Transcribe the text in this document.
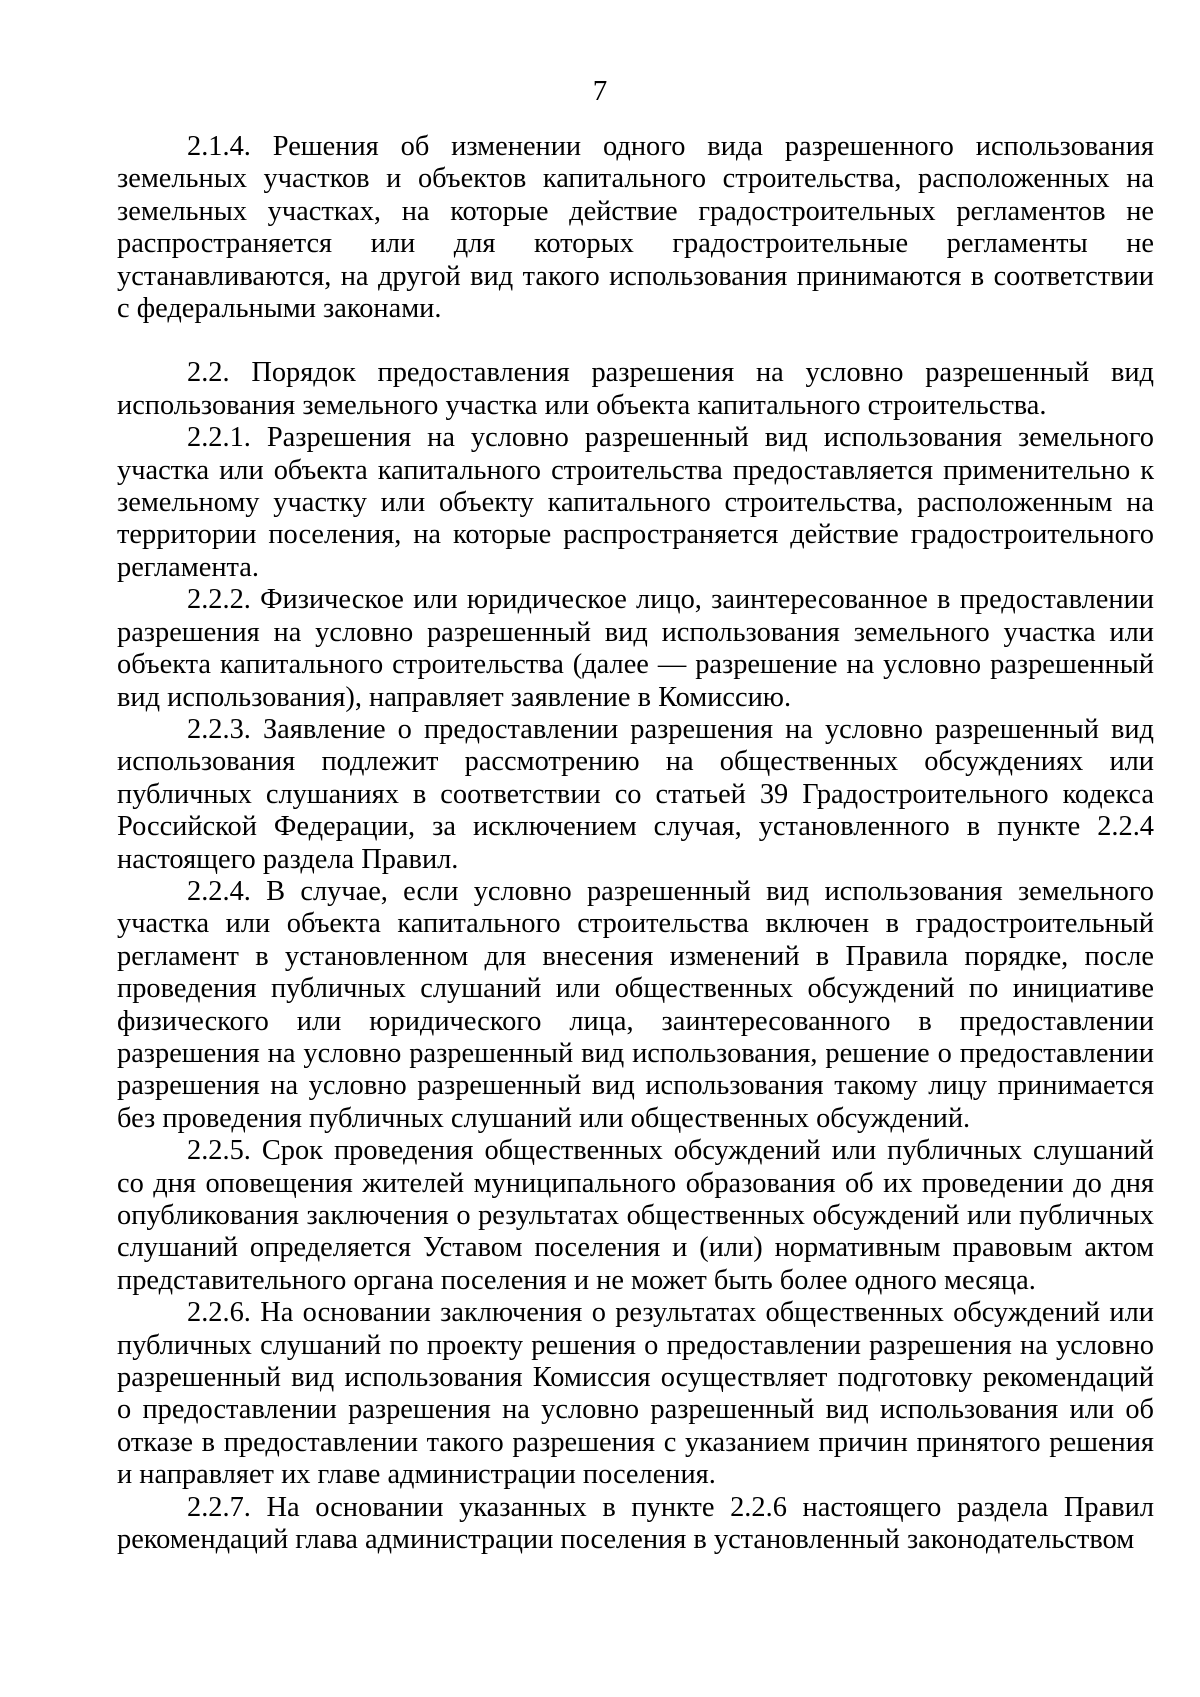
7

2.1.4. Решения об изменении одного вида разрешенного использования земельных участков и объектов капитального строительства, расположенных на земельных участках, на которые действие градостроительных регламентов не распространяется или для которых градостроительные регламенты не устанавливаются, на другой вид такого использования принимаются в соответствии с федеральными законами.

2.2. Порядок предоставления разрешения на условно разрешенный вид использования земельного участка или объекта капитального строительства.

2.2.1. Разрешения на условно разрешенный вид использования земельного участка или объекта капитального строительства предоставляется применительно к земельному участку или объекту капитального строительства, расположенным на территории поселения, на которые распространяется действие градостроительного регламента.

2.2.2. Физическое или юридическое лицо, заинтересованное в предоставлении разрешения на условно разрешенный вид использования земельного участка или объекта капитального строительства (далее — разрешение на условно разрешенный вид использования), направляет заявление в Комиссию.

2.2.3. Заявление о предоставлении разрешения на условно разрешенный вид использования подлежит рассмотрению на общественных обсуждениях или публичных слушаниях в соответствии со статьей 39 Градостроительного кодекса Российской Федерации, за исключением случая, установленного в пункте 2.2.4 настоящего раздела Правил.

2.2.4. В случае, если условно разрешенный вид использования земельного участка или объекта капитального строительства включен в градостроительный регламент в установленном для внесения изменений в Правила порядке, после проведения публичных слушаний или общественных обсуждений по инициативе физического или юридического лица, заинтересованного в предоставлении разрешения на условно разрешенный вид использования, решение о предоставлении разрешения на условно разрешенный вид использования такому лицу принимается без проведения публичных слушаний или общественных обсуждений.

2.2.5. Срок проведения общественных обсуждений или публичных слушаний со дня оповещения жителей муниципального образования об их проведении до дня опубликования заключения о результатах общественных обсуждений или публичных слушаний определяется Уставом поселения и (или) нормативным правовым актом представительного органа поселения и не может быть более одного месяца.

2.2.6. На основании заключения о результатах общественных обсуждений или публичных слушаний по проекту решения о предоставлении разрешения на условно разрешенный вид использования Комиссия осуществляет подготовку рекомендаций о предоставлении разрешения на условно разрешенный вид использования или об отказе в предоставлении такого разрешения с указанием причин принятого решения и направляет их главе администрации поселения.

2.2.7. На основании указанных в пункте 2.2.6 настоящего раздела Правил рекомендаций глава администрации поселения в установленный законодательством
